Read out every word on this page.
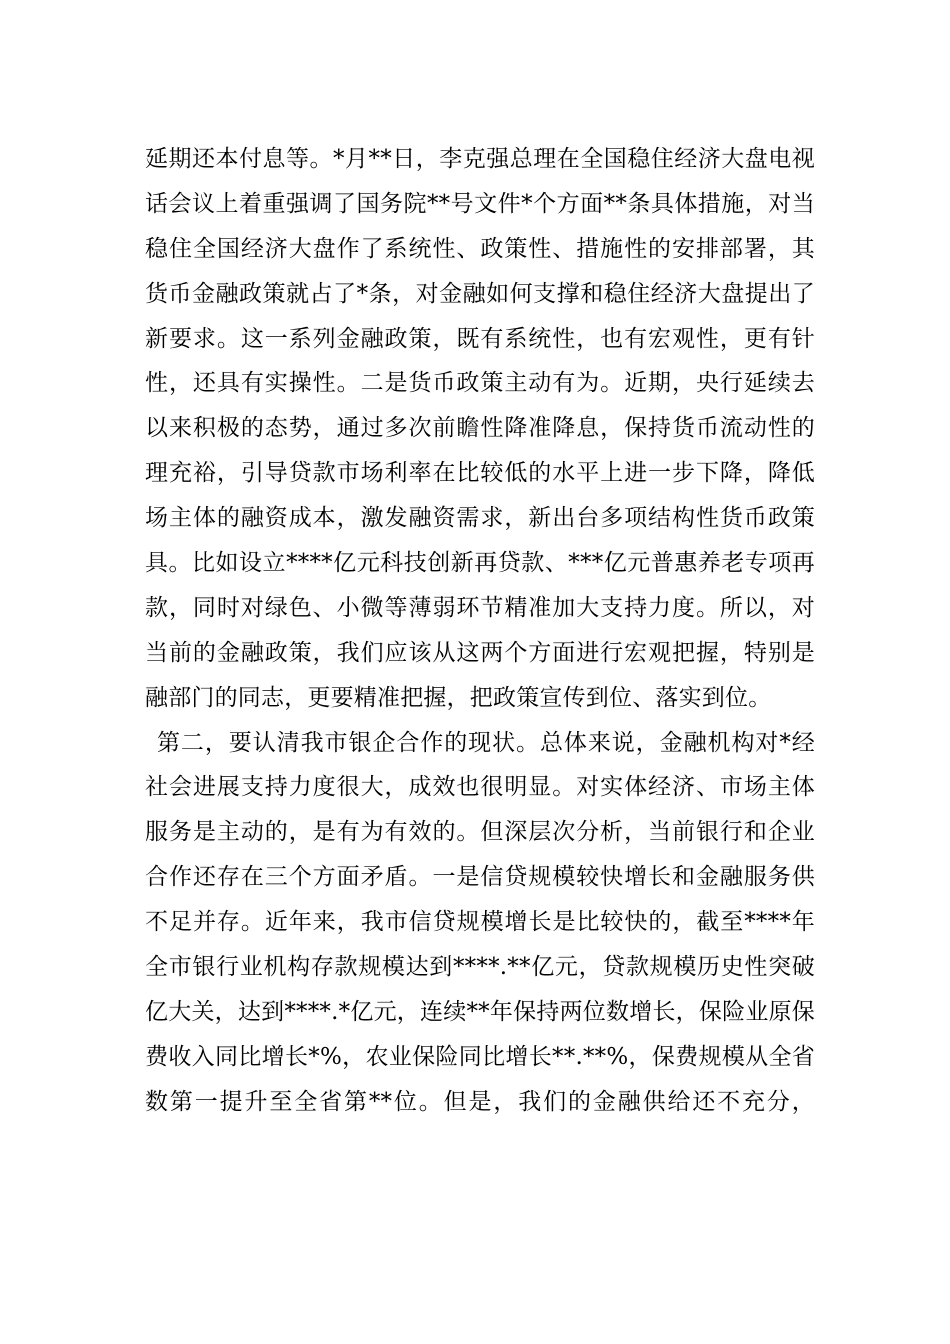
延期还本付息等。*月**日，李克强总理在全国稳住经济大盘电视
话会议上着重强调了国务院**号文件*个方面**条具体措施，对当
稳住全国经济大盘作了系统性、政策性、措施性的安排部署，其
货币金融政策就占了*条，对金融如何支撑和稳住经济大盘提出了
新要求。这一系列金融政策，既有系统性，也有宏观性，更有针
性，还具有实操性。二是货币政策主动有为。近期，央行延续去
以来积极的态势，通过多次前瞻性降准降息，保持货币流动性的
理充裕，引导贷款市场利率在比较低的水平上进一步下降，降低
场主体的融资成本，激发融资需求，新出台多项结构性货币政策
具。比如设立****亿元科技创新再贷款、***亿元普惠养老专项再
款，同时对绿色、小微等薄弱环节精准加大支持力度。所以，对
当前的金融政策，我们应该从这两个方面进行宏观把握，特别是
融部门的同志，更要精准把握，把政策宣传到位、落实到位。
第二，要认清我市银企合作的现状。总体来说，金融机构对*经
社会进展支持力度很大，成效也很明显。对实体经济、市场主体
服务是主动的，是有为有效的。但深层次分析，当前银行和企业
合作还存在三个方面矛盾。一是信贷规模较快增长和金融服务供
不足并存。近年来，我市信贷规模增长是比较快的，截至****年
全市银行业机构存款规模达到****.**亿元，贷款规模历史性突破
亿大关，达到****.*亿元，连续**年保持两位数增长，保险业原保
费收入同比增长*%，农业保险同比增长**.**%，保费规模从全省
数第一提升至全省第**位。但是，我们的金融供给还不充分，
